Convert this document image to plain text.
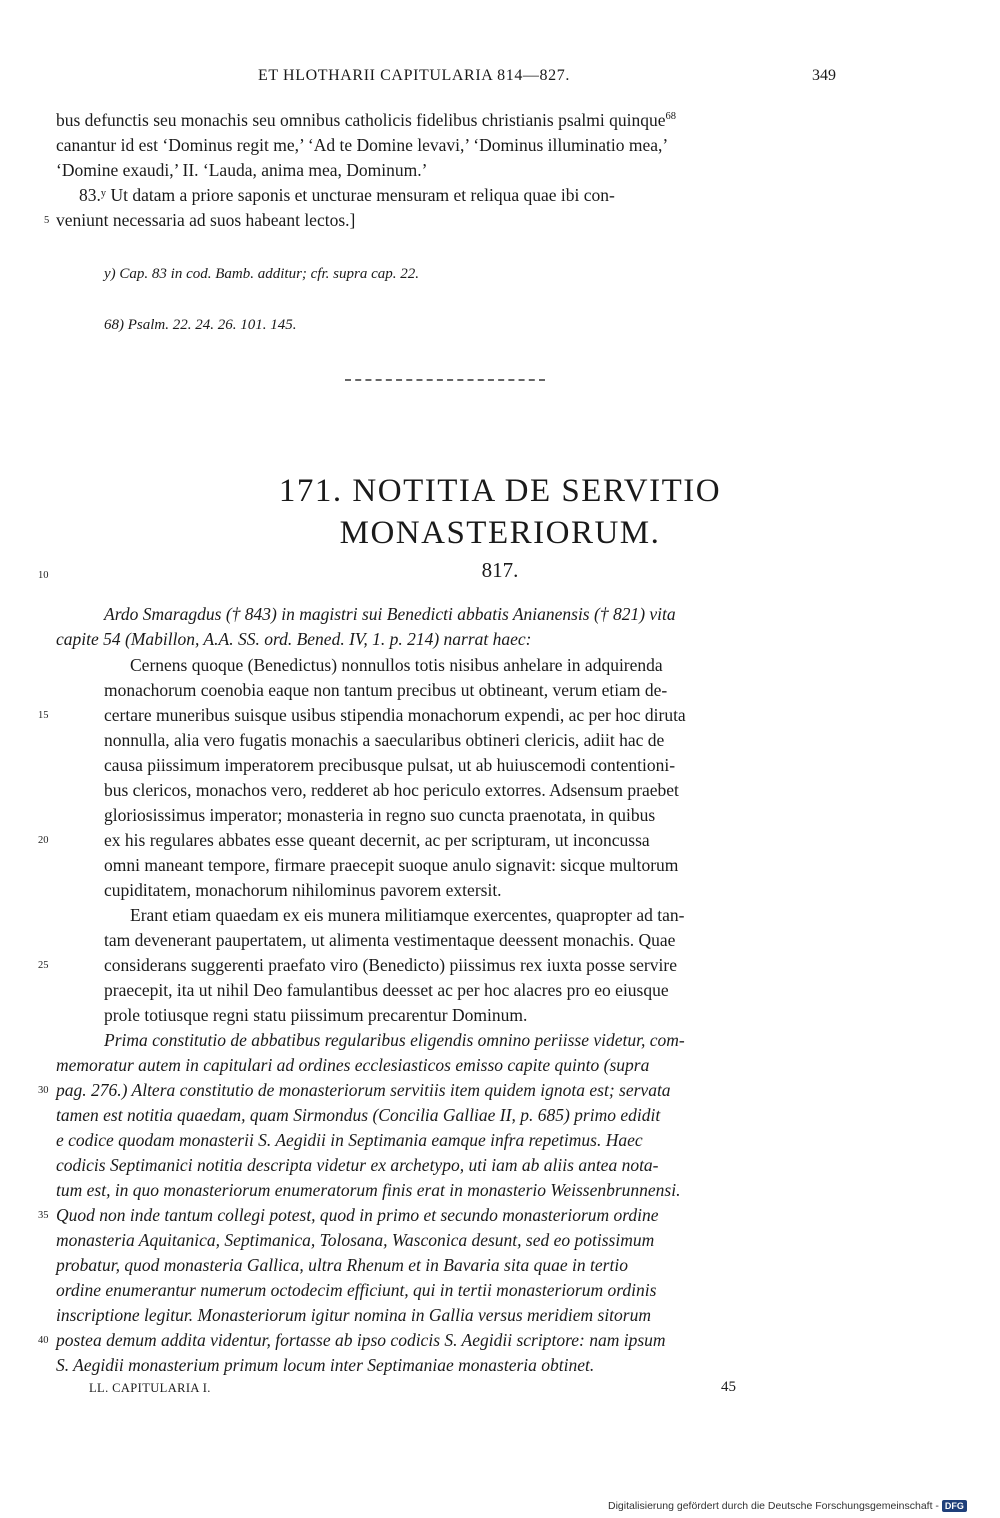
ET HLOTHARII CAPITULARIA 814—827.	349
bus defunctis seu monachis seu omnibus catholicis fidelibus christianis psalmi quinque$^{68}$
canantur id est ‘Dominus regit me,’ ‘Ad te Domine levavi,’ ‘Dominus illuminatio mea,’
‘Domine exaudi,’ II. ‘Lauda, anima mea, Dominum.’
83.ʸ Ut datam a priore saponis et uncturae mensuram et reliqua quae ibi con-
veniunt necessaria ad suos habeant lectos.]
y) Cap. 83 in cod. Bamb. additur; cfr. supra cap. 22.
68) Psalm. 22. 24. 26. 101. 145.
171. NOTITIA DE SERVITIO
MONASTERIORUM.
817.
Ardo Smaragdus († 843) in magistri sui Benedicti abbatis Anianensis († 821) vita
capite 54 (Mabillon, A.A. SS. ord. Bened. IV, 1. p. 214) narrat haec:
Cernens quoque (Benedictus) nonnullos totis nisibus anhelare in adquirenda
monachorum coenobia eaque non tantum precibus ut obtineant, verum etiam de-
certare muneribus suisque usibus stipendia monachorum expendi, ac per hoc diruta
nonnulla, alia vero fugatis monachis a saecularibus obtineri clericis, adiit hac de
causa piissimum imperatorem precibusque pulsat, ut ab huiuscemodi contentioni-
bus clericos, monachos vero, redderet ab hoc periculo extorres. Adsensum praebet
gloriosissimus imperator; monasteria in regno suo cuncta praenotata, in quibus
ex his regulares abbates esse queant decernit, ac per scripturam, ut inconcussa
omni maneant tempore, firmare praecepit suoque anulo signavit: sicque multorum
cupiditatem, monachorum nihilominus pavorem extersit.
Erant etiam quaedam ex eis munera militiamque exercentes, quapropter ad tan-
tam devenerant paupertatem, ut alimenta vestimentaque deessent monachis. Quae
considerans suggerenti praefato viro (Benedicto) piissimus rex iuxta posse servire
praecepit, ita ut nihil Deo famulantibus deesset ac per hoc alacres pro eo eiusque
prole totiusque regni statu piissimum precarentur Dominum.
Prima constitutio de abbatibus regularibus eligendis omnino periisse videtur, com-
memoratur autem in capitulari ad ordines ecclesiasticos emisso capite quinto (supra
pag. 276.) Altera constitutio de monasteriorum servitiis item quidem ignota est; servata
tamen est notitia quaedam, quam Sirmondus (Concilia Galliae II, p. 685) primo edidit
e codice quodam monasterii S. Aegidii in Septimania eamque infra repetimus. Haec
codicis Septimanici notitia descripta videtur ex archetypo, uti iam ab aliis antea nota-
tum est, in quo monasteriorum enumeratorum finis erat in monasterio Weissenbrunnensi.
Quod non inde tantum collegi potest, quod in primo et secundo monasteriorum ordine
monasteria Aquitanica, Septimanica, Tolosana, Wasconica desunt, sed eo potissimum
probatur, quod monasteria Gallica, ultra Rhenum et in Bavaria sita quae in tertio
ordine enumerantur numerum octodecim efficiunt, qui in tertii monasteriorum ordinis
inscriptione legitur. Monasteriorum igitur nomina in Gallia versus meridiem sitorum
postea demum addita videntur, fortasse ab ipso codicis S. Aegidii scriptore: nam ipsum
S. Aegidii monasterium primum locum inter Septimaniae monasteria obtinet.
5
10
15
20
25
30
35
40
LL. CAPITULARIA I.	45
Digitalisierung gefördert durch die Deutsche Forschungsgemeinschaft - DFG
